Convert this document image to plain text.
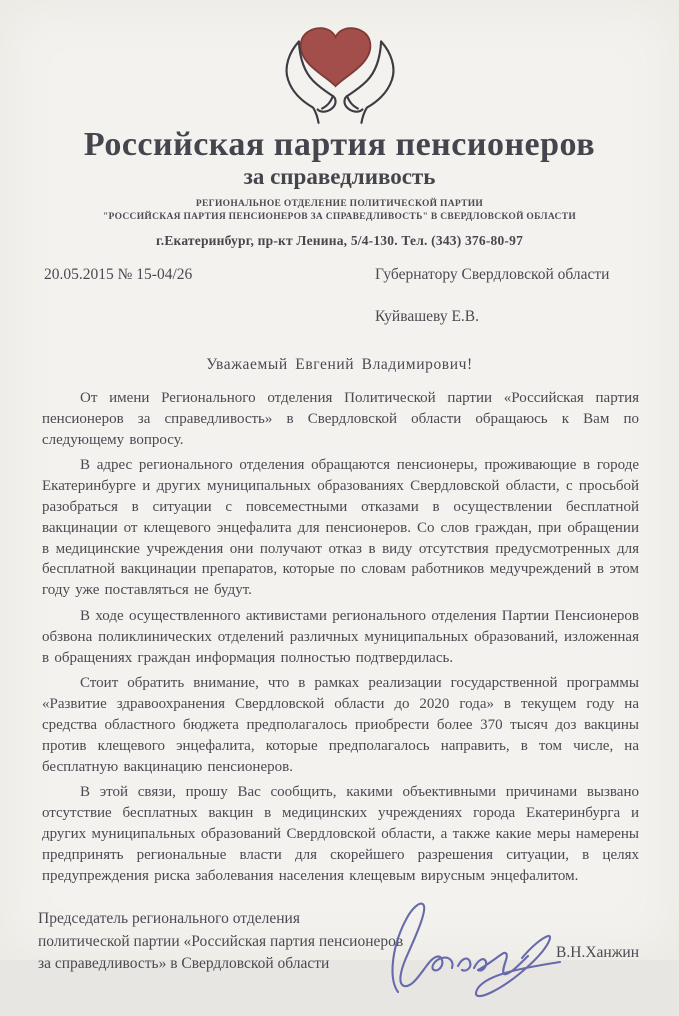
Российская партия пенсионеров
за справедливость
РЕГИОНАЛЬНОЕ ОТДЕЛЕНИЕ ПОЛИТИЧЕСКОЙ ПАРТИИ
"РОССИЙСКАЯ ПАРТИЯ ПЕНСИОНЕРОВ ЗА СПРАВЕДЛИВОСТЬ" В СВЕРДЛОВСКОЙ ОБЛАСТИ
г.Екатеринбург, пр-кт Ленина, 5/4-130. Тел. (343) 376-80-97
20.05.2015 № 15-04/26	Губернатору Свердловской области
Куйвашеву Е.В.
Уважаемый Евгений Владимирович!

От имени Регионального отделения Политической партии «Российская партия пенсионеров за справедливость» в Свердловской области обращаюсь к Вам по следующему вопросу.

В адрес регионального отделения обращаются пенсионеры, проживающие в городе Екатеринбурге и других муниципальных образованиях Свердловской области, с просьбой разобраться в ситуации с повсеместными отказами в осуществлении бесплатной вакцинации от клещевого энцефалита для пенсионеров. Со слов граждан, при обращении в медицинские учреждения они получают отказ в виду отсутствия предусмотренных для бесплатной вакцинации препаратов, которые по словам работников медучреждений в этом году уже поставляться не будут.

В ходе осуществленного активистами регионального отделения Партии Пенсионеров обзвона поликлинических отделений различных муниципальных образований, изложенная в обращениях граждан информация полностью подтвердилась.

Стоит обратить внимание, что в рамках реализации государственной программы «Развитие здравоохранения Свердловской области до 2020 года» в текущем году на средства областного бюджета предполагалось приобрести более 370 тысяч доз вакцины против клещевого энцефалита, которые предполагалось направить, в том числе, на бесплатную вакцинацию пенсионеров.

В этой связи, прошу Вас сообщить, какими объективными причинами вызвано отсутствие бесплатных вакцин в медицинских учреждениях города Екатеринбурга и других муниципальных образований Свердловской области, а также какие меры намерены предпринять региональные власти для скорейшего разрешения ситуации, в целях предупреждения риска заболевания населения клещевым вирусным энцефалитом.

Председатель регионального отделения
политической партии «Российская партия пенсионеров
за справедливость» в Свердловской области
В.Н.Ханжин
